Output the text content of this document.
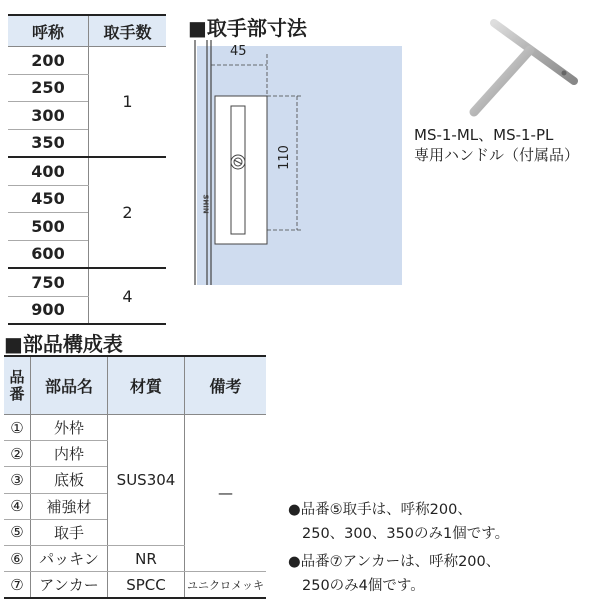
呼称	取手数
200	1
250	
300	
350	
400	2
450	
500	
600	
750	4
900	
■取手部寸法
45
110
SHIN
MS-1-ML、MS-1-PL
専用ハンドル（付属品）
■部品構成表
品番	部品名	材質	備考
①	外枠	SUS304	—
②	内枠		
③	底板		
④	補強材		
⑤	取手		
⑥	パッキン	NR	
⑦	アンカー	SPCC	ユニクロメッキ
●品番⑤取手は、呼称200、
250、300、350のみ1個です。
●品番⑦アンカーは、呼称200、
250のみ4個です。
